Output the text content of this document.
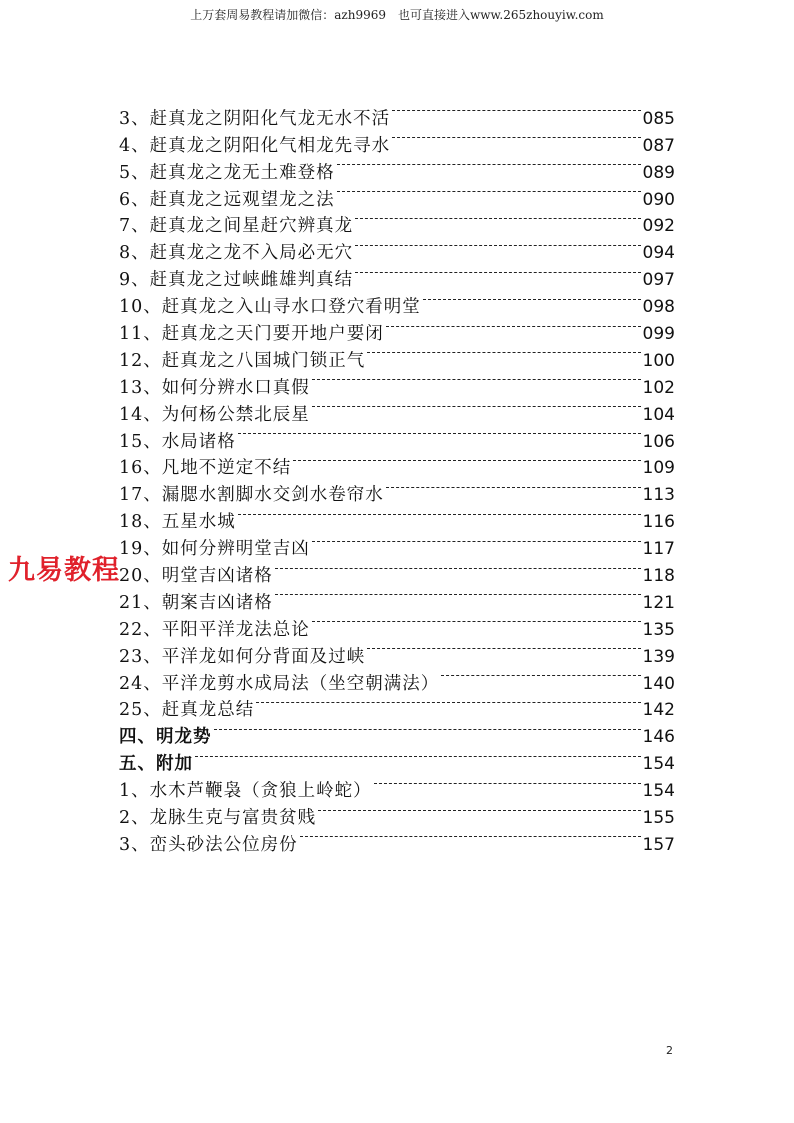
上万套周易教程请加微信：azh9969　也可直接进入www.265zhouyiw.com
3、赶真龙之阴阳化气龙无水不活	085
4、赶真龙之阴阳化气相龙先寻水	087
5、赶真龙之龙无土难登格	089
6、赶真龙之远观望龙之法	090
7、赶真龙之间星赶穴辨真龙	092
8、赶真龙之龙不入局必无穴	094
9、赶真龙之过峡雌雄判真结	097
10、赶真龙之入山寻水口登穴看明堂	098
11、赶真龙之天门要开地户要闭	099
12、赶真龙之八国城门锁正气	100
13、如何分辨水口真假	102
14、为何杨公禁北辰星	104
15、水局诸格	106
16、凡地不逆定不结	109
17、漏腮水割脚水交剑水卷帘水	113
18、五星水城	116
19、如何分辨明堂吉凶	117
20、明堂吉凶诸格	118
21、朝案吉凶诸格	121
22、平阳平洋龙法总论	135
23、平洋龙如何分背面及过峡	139
24、平洋龙剪水成局法（坐空朝满法）	140
25、赶真龙总结	142
四、明龙势	146
五、附加	154
1、水木芦鞭袅（贪狼上岭蛇）	154
2、龙脉生克与富贵贫贱	155
3、峦头砂法公位房份	157
九易教程
2
